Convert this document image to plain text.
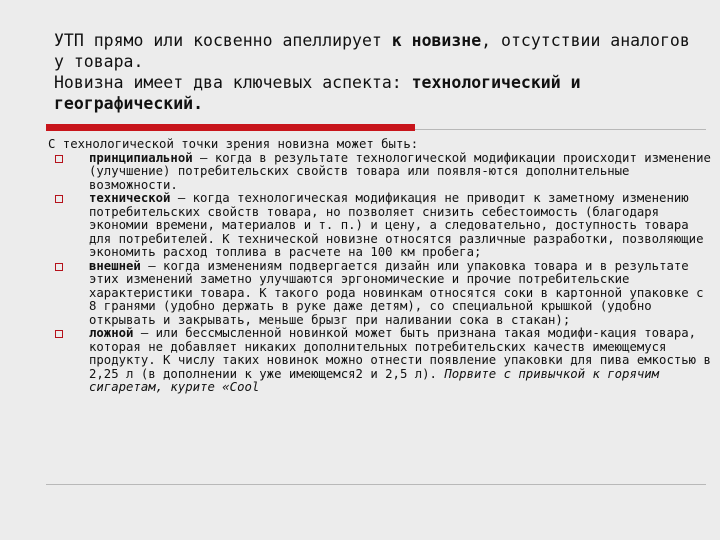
УТП прямо или косвенно апеллирует к новизне, отсутствии аналогов у товара.
Новизна имеет два ключевых аспекта: технологический и географический.

С технологической точки зрения новизна может быть:

принципиальной — когда в результате технологической модификации происходит изменение (улучшение) потребительских свойств товара или появля-ются дополнительные возможности.
технической — когда технологическая модификация не приводит к заметному изменению потребительских свойств товара, но позволяет снизить себестоимость (благодаря экономии времени, материалов и т. п.) и цену, а следовательно, доступность товара для потребителей. К технической новизне относятся различные разработки, позволяющие экономить расход топлива в расчете на 100 км пробега;
внешней — когда изменениям подвергается дизайн или упаковка товара и в результате этих изменений заметно улучшаются эргономические и прочие потребительские характеристики товара. К такого рода новинкам относятся соки в картонной упаковке с 8 гранями (удобно держать в руке даже детям), со специальной крышкой (удобно открывать и закрывать, меньше брызг при наливании сока в стакан);
ложной — или бессмысленной новинкой может быть признана такая модифи-кация товара, которая не добавляет никаких дополнительных потребительских качеств имеющемуся продукту. К числу таких новинок можно отнести появление упаковки для пива емкостью в 2,25 л (в дополнении к уже имеющемся2 и 2,5 л). Порвите с привычкой к горячим сигаретам, курите «Cool
